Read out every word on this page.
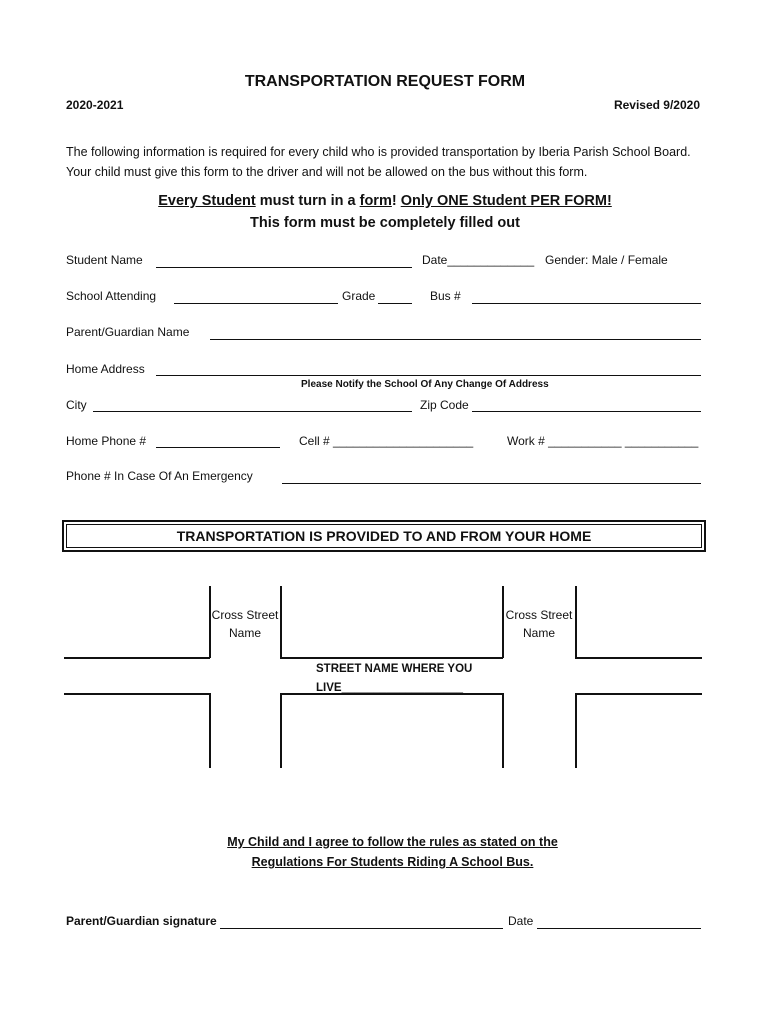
TRANSPORTATION REQUEST FORM
2020-2021	Revised 9/2020
The following information is required for every child who is provided transportation by Iberia Parish School Board. Your child must give this form to the driver and will not be allowed on the bus without this form.
Every Student must turn in a form! Only ONE Student PER FORM!
This form must be completely filled out
Student Name	Date_____________ Gender: Male / Female
School Attending	Grade	Bus #
Parent/Guardian Name
Home Address
Please Notify the School Of Any Change Of Address
City	Zip Code
Home Phone #	Cell # _____________________	Work # ___________ ___________
Phone # In Case Of An Emergency
TRANSPORTATION IS PROVIDED TO AND FROM YOUR HOME
Cross Street
Name
Cross Street
Name
STREET NAME WHERE YOU
LIVE___________________
My Child and I agree to follow the rules as stated on the
Regulations For Students Riding A School Bus.
Parent/Guardian signature	Date
